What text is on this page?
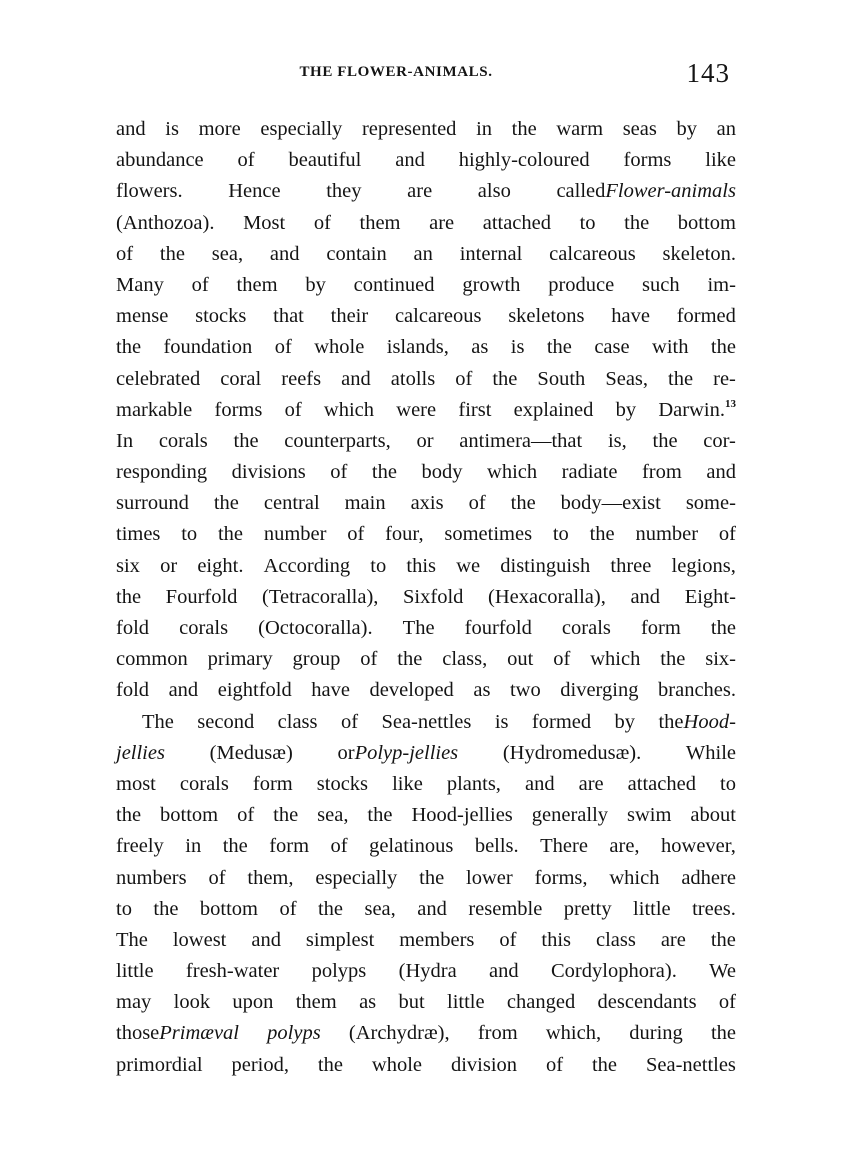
THE FLOWER-ANIMALS.	143
and is more especially represented in the warm seas by an
abundance of beautiful and highly-coloured forms like
flowers. Hence they are also calledFlower-animals
(Anthozoa). Most of them are attached to the bottom
of the sea, and contain an internal calcareous skeleton.
Many of them by continued growth produce such im-
mense stocks that their calcareous skeletons have formed
the foundation of whole islands, as is the case with the
celebrated coral reefs and atolls of the South Seas, the re-
markable forms of which were first explained by Darwin.$^{13}$
In corals the counterparts, or antimera—that is, the cor-
responding divisions of the body which radiate from and
surround the central main axis of the body—exist some-
times to the number of four, sometimes to the number of
six or eight. According to this we distinguish three legions,
the Fourfold (Tetracoralla), Sixfold (Hexacoralla), and Eight-
fold corals (Octocoralla). The fourfold corals form the
common primary group of the class, out of which the six-
fold and eightfold have developed as two diverging branches.
The second class of Sea-nettles is formed by theHood-
jellies (Medusæ) orPolyp-jellies (Hydromedusæ). While
most corals form stocks like plants, and are attached to
the bottom of the sea, the Hood-jellies generally swim about
freely in the form of gelatinous bells. There are, however,
numbers of them, especially the lower forms, which adhere
to the bottom of the sea, and resemble pretty little trees.
The lowest and simplest members of this class are the
little fresh-water polyps (Hydra and Cordylophora). We
may look upon them as but little changed descendants of
thosePrimæval polyps (Archydræ), from which, during the
primordial period, the whole division of the Sea-nettles
